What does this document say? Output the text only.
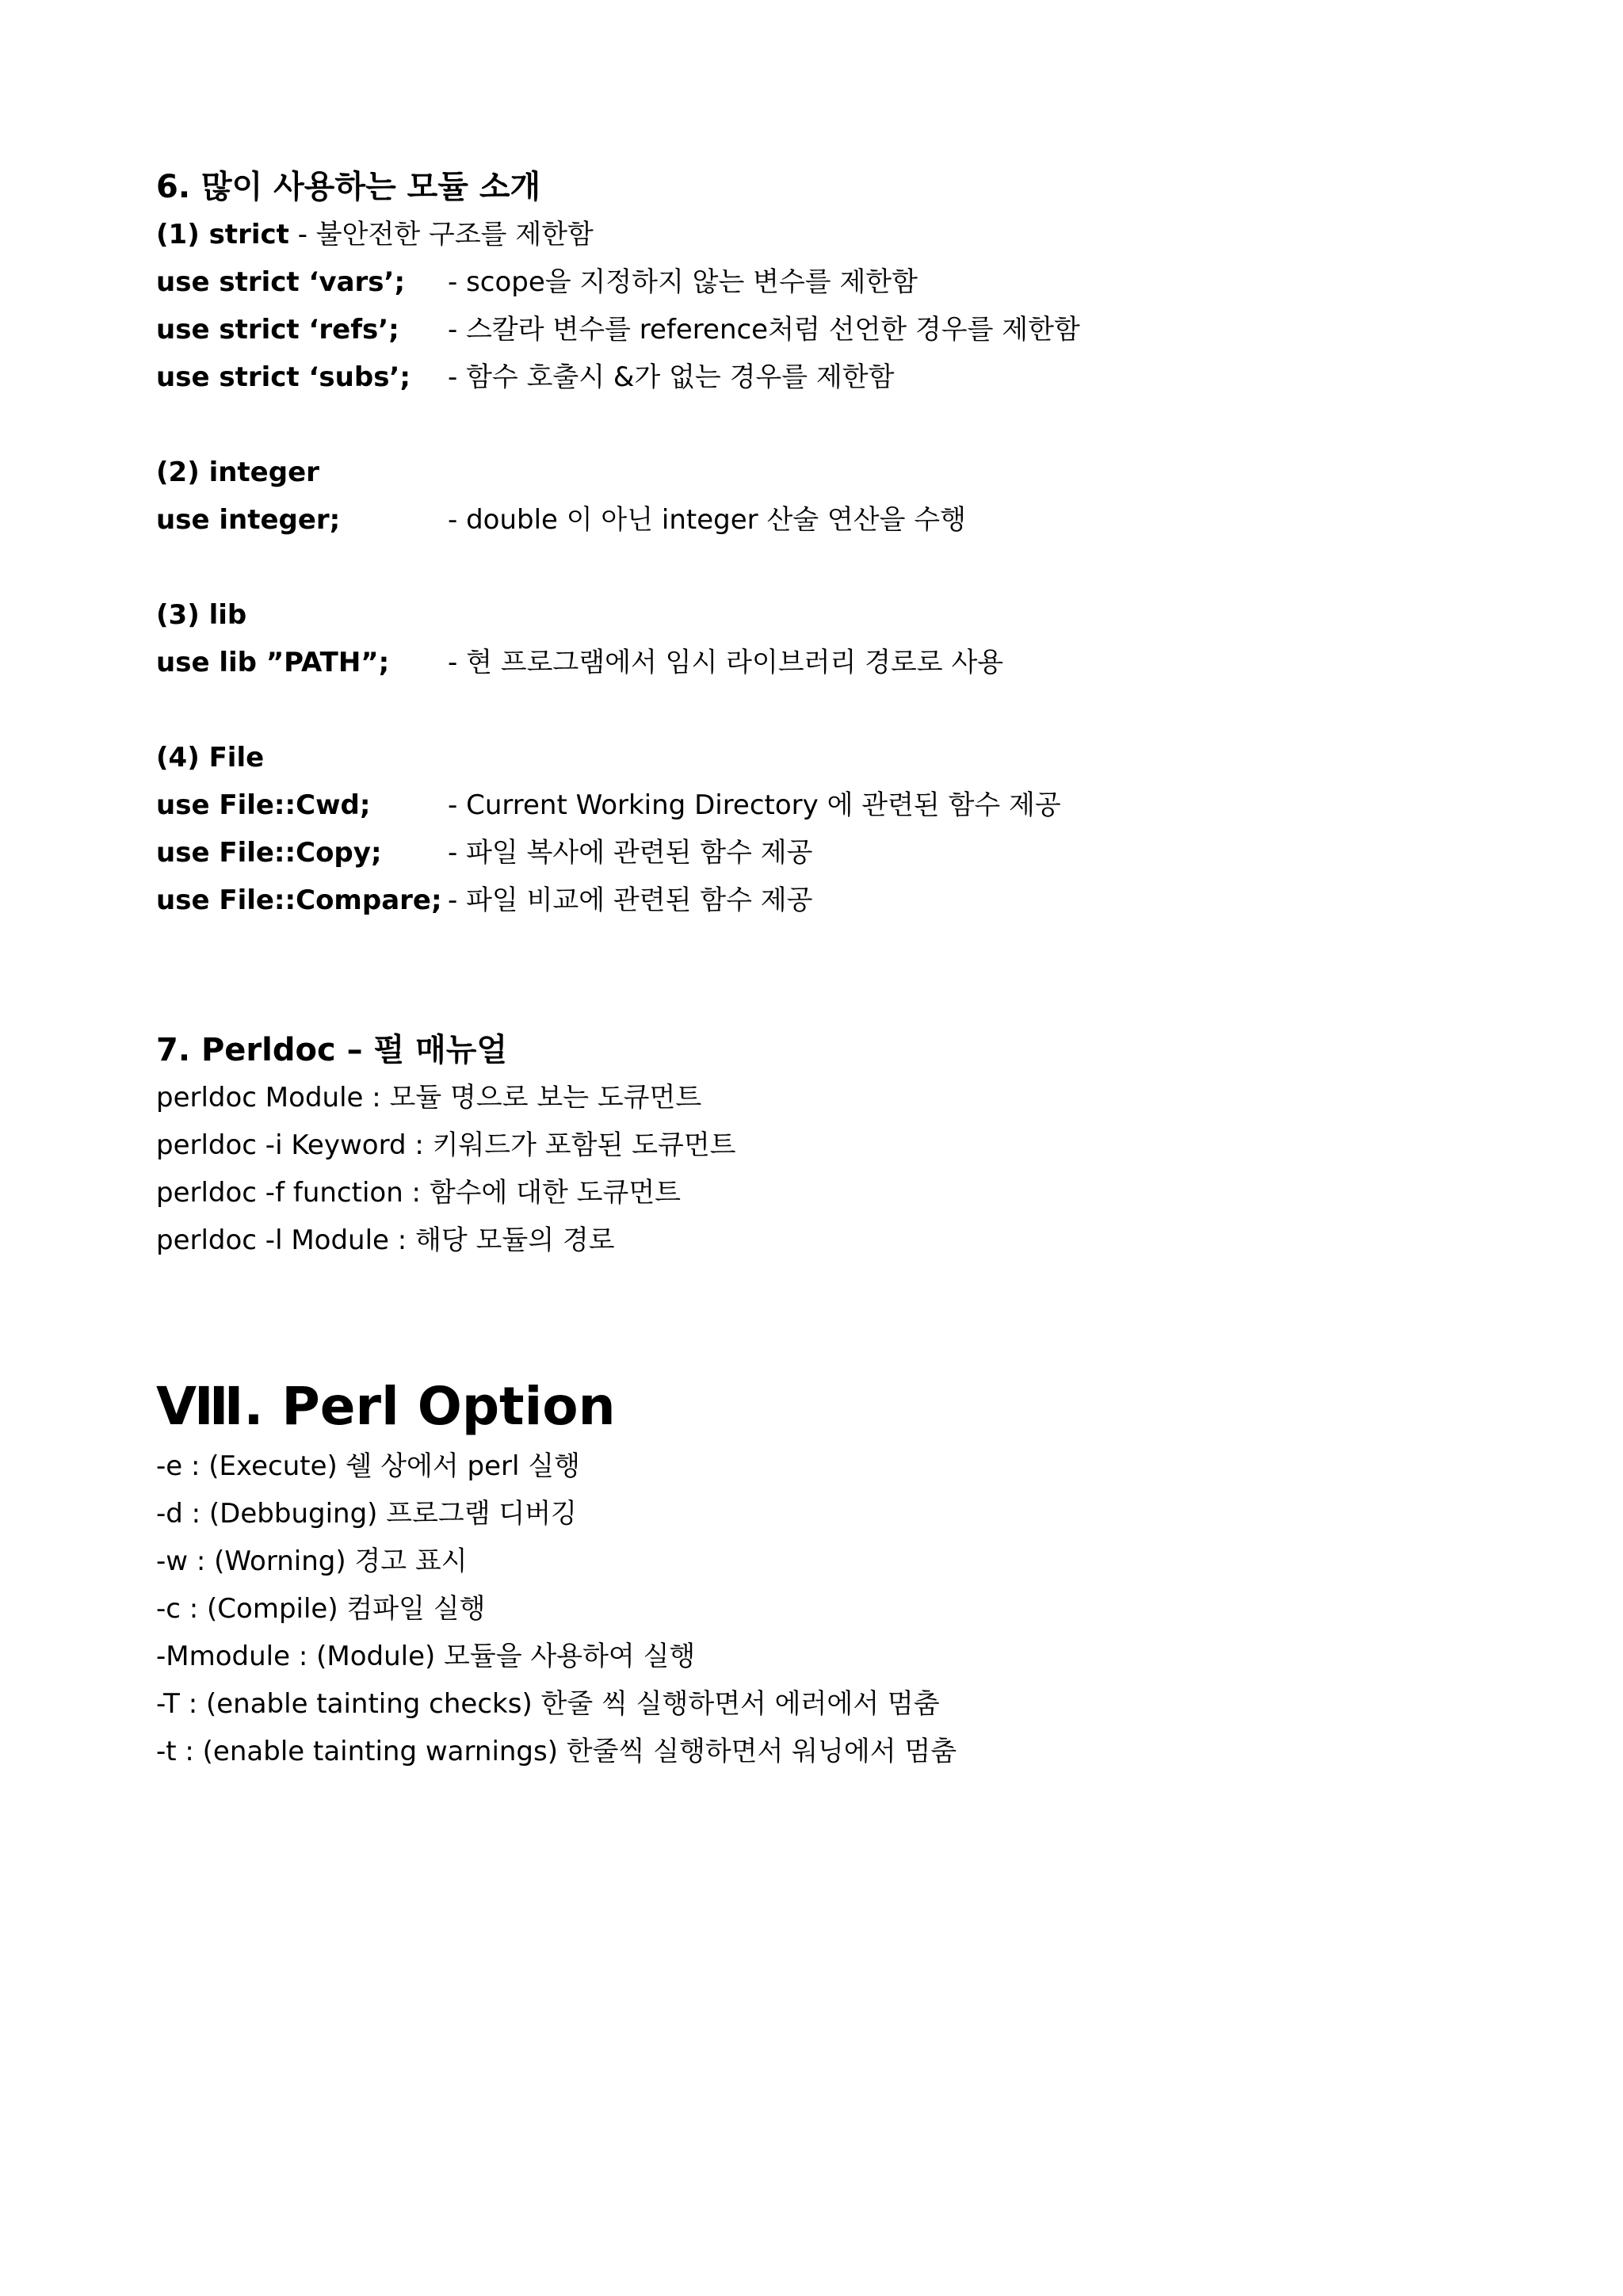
6. 많이 사용하는 모듈 소개
(1) strict - 불안전한 구조를 제한함
use strict ‘vars’; - scope을 지정하지 않는 변수를 제한함
use strict ‘refs’; - 스칼라 변수를 reference처럼 선언한 경우를 제한함
use strict ‘subs’; - 함수 호출시 &가 없는 경우를 제한함
(2) integer
use integer;	- double 이 아닌 integer 산술 연산을 수행
(3) lib
use lib ”PATH”; - 현 프로그램에서 임시 라이브러리 경로로 사용
(4) File
use File::Cwd;	- Current Working Directory 에 관련된 함수 제공
use File::Copy; - 파일 복사에 관련된 함수 제공
use File::Compare; - 파일 비교에 관련된 함수 제공
7. Perldoc – 펄 매뉴얼
perldoc Module : 모듈 명으로 보는 도큐먼트
perldoc -i Keyword : 키워드가 포함된 도큐먼트
perldoc -f function : 함수에 대한 도큐먼트
perldoc -l Module : 해당 모듈의 경로
Ⅷ. Perl Option
-e : (Execute) 쉘 상에서 perl 실행
-d : (Debbuging) 프로그램 디버깅
-w : (Worning) 경고 표시
-c : (Compile) 컴파일 실행
-Mmodule : (Module) 모듈을 사용하여 실행
-T : (enable tainting checks) 한줄 씩 실행하면서 에러에서 멈춤
-t : (enable tainting warnings) 한줄씩 실행하면서 워닝에서 멈춤
